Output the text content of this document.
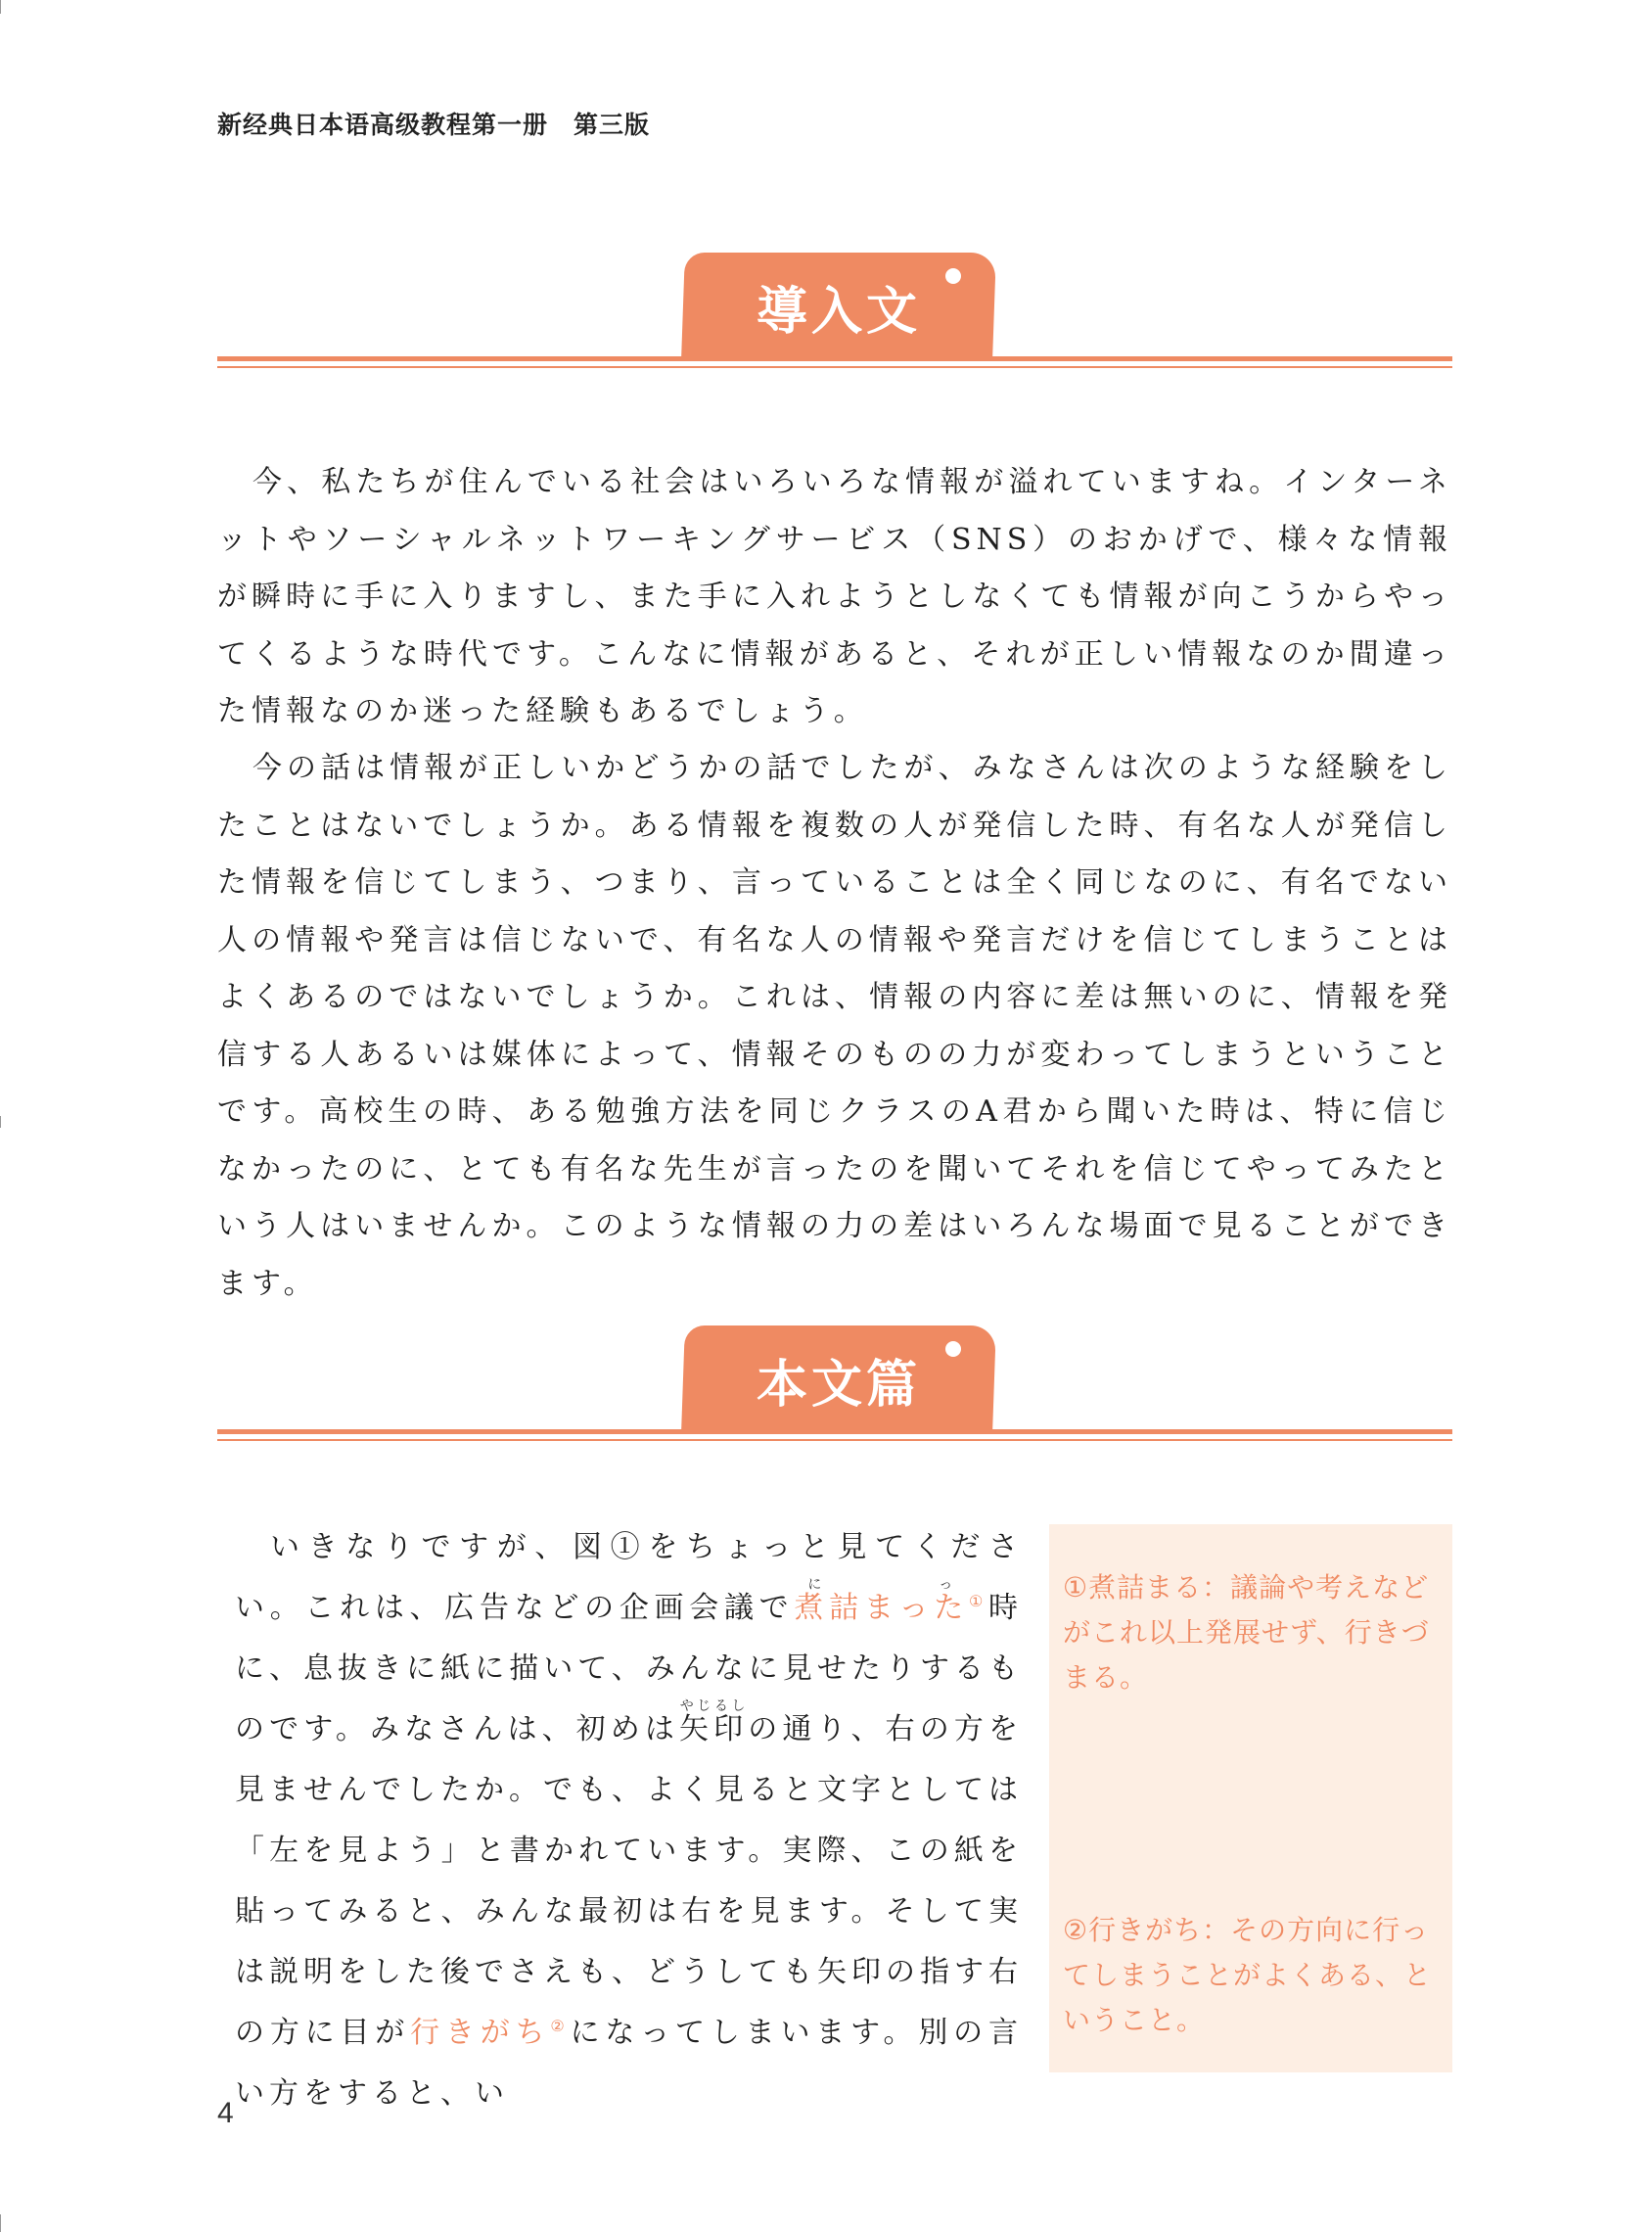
新经典日本语高级教程第一册　第三版
導入文

今、私たちが住んでいる社会はいろいろな情報が溢れていますね。インターネットやソーシャルネットワーキングサービス（SNS）のおかげで、様々な情報が瞬時に手に入りますし、また手に入れようとしなくても情報が向こうからやってくるような時代です。こんなに情報があると、それが正しい情報なのか間違った情報なのか迷った経験もあるでしょう。

今の話は情報が正しいかどうかの話でしたが、みなさんは次のような経験をしたことはないでしょうか。ある情報を複数の人が発信した時、有名な人が発信した情報を信じてしまう、つまり、言っていることは全く同じなのに、有名でない人の情報や発言は信じないで、有名な人の情報や発言だけを信じてしまうことはよくあるのではないでしょうか。これは、情報の内容に差は無いのに、情報を発信する人あるいは媒体によって、情報そのものの力が変わってしまうということです。高校生の時、ある勉強方法を同じクラスのA君から聞いた時は、特に信じなかったのに、とても有名な先生が言ったのを聞いてそれを信じてやってみたという人はいませんか。このような情報の力の差はいろんな場面で見ることができます。

本文篇

いきなりですが、図①をちょっと見てください。これは、広告などの企画会議で煮詰まったにっ①時に、息抜きに紙に描いて、みんなに見せたりするものです。みなさんは、初めは矢印やじるしの通り、右の方を見ませんでしたか。でも、よく見ると文字としては「左を見よう」と書かれています。実際、この紙を貼ってみると、みんな最初は右を見ます。そして実は説明をした後でさえも、どうしても矢印の指す右の方に目が行きがち②になってしまいます。別の言い方をすると、い

①煮詰まる：議論や考えなどがこれ以上発展せず、行きづまる。

②行きがち：その方向に行ってしまうことがよくある、ということ。

4
